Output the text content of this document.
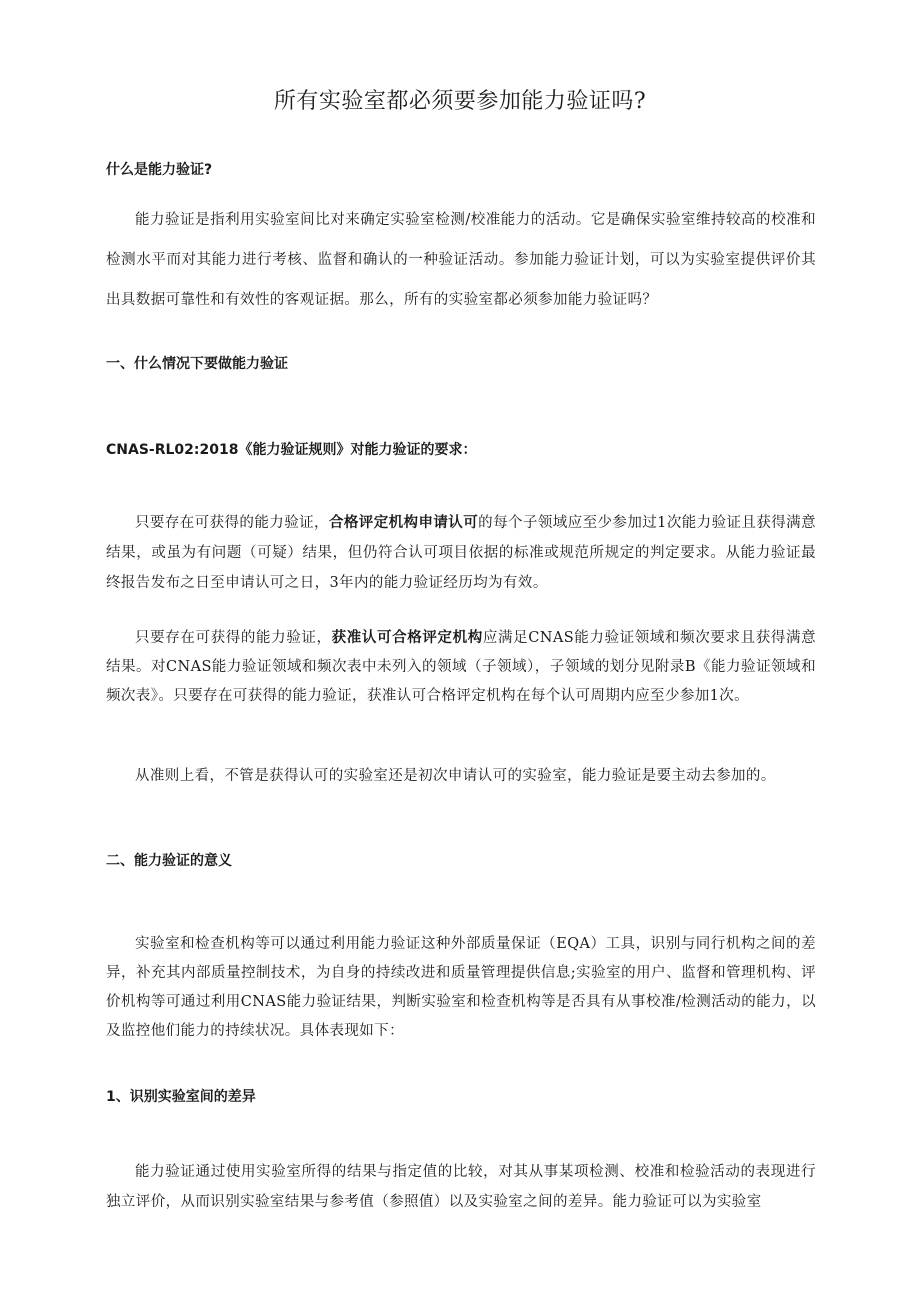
所有实验室都必须要参加能力验证吗?
什么是能力验证?

能力验证是指利用实验室间比对来确定实验室检测/校准能力的活动。它是确保实验室维持较高的校准和检测水平而对其能力进行考核、监督和确认的一种验证活动。参加能力验证计划，可以为实验室提供评价其出具数据可靠性和有效性的客观证据。那么，所有的实验室都必须参加能力验证吗？

一、什么情况下要做能力验证
CNAS-RL02:2018《能力验证规则》对能力验证的要求：

只要存在可获得的能力验证，合格评定机构申请认可的每个子领域应至少参加过1次能力验证且获得满意结果，或虽为有问题（可疑）结果，但仍符合认可项目依据的标准或规范所规定的判定要求。从能力验证最终报告发布之日至申请认可之日，3年内的能力验证经历均为有效。

只要存在可获得的能力验证，获准认可合格评定机构应满足CNAS能力验证领域和频次要求且获得满意结果。对CNAS能力验证领域和频次表中未列入的领域（子领域），子领域的划分见附录B《能力验证领域和频次表》。只要存在可获得的能力验证，获准认可合格评定机构在每个认可周期内应至少参加1次。

从准则上看，不管是获得认可的实验室还是初次申请认可的实验室，能力验证是要主动去参加的。

二、能力验证的意义

实验室和检查机构等可以通过利用能力验证这种外部质量保证（EQA）工具，识别与同行机构之间的差异，补充其内部质量控制技术，为自身的持续改进和质量管理提供信息;实验室的用户、监督和管理机构、评价机构等可通过利用CNAS能力验证结果，判断实验室和检查机构等是否具有从事校准/检测活动的能力，以及监控他们能力的持续状况。具体表现如下：

1、识别实验室间的差异

能力验证通过使用实验室所得的结果与指定值的比较，对其从事某项检测、校准和检验活动的表现进行独立评价，从而识别实验室结果与参考值（参照值）以及实验室之间的差异。能力验证可以为实验室
